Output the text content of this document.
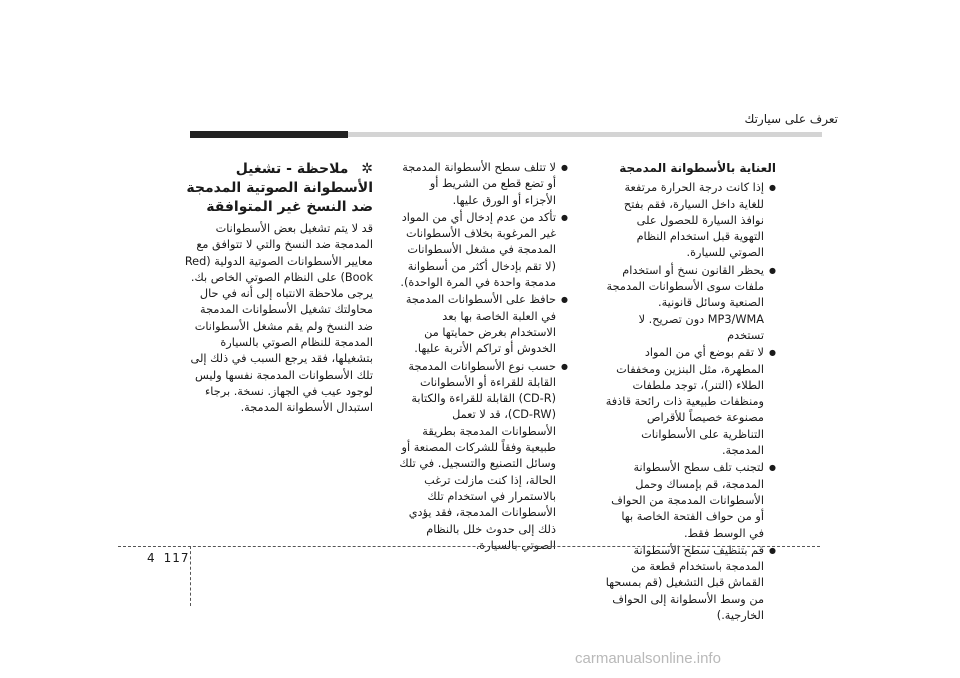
تعرف على سيارتك
العناية بالأسطوانة المدمجة
● إذا كانت درجة الحرارة مرتفعة للغاية داخل السيارة، فقم بفتح نوافذ السيارة للحصول على التهوية قبل استخدام النظام الصوتي للسيارة.
● يحظر القانون نسخ أو استخدام ملفات سوى الأسطوانات المدمجة الصنعية وسائل قانونية. MP3/WMA دون تصريح. لا تستخدم
● لا تقم بوضع أي من المواد المطهرة، مثل البنزين ومخففات الطلاء (التنر)، توجد ملطفات ومنظفات طبيعية ذات رائحة قاذفة مصنوعة خصيصاً للأقراص التناظرية على الأسطوانات المدمجة.
● لتجنب تلف سطح الأسطوانة المدمجة، قم بإمساك وحمل الأسطوانات المدمجة من الحواف أو من حواف الفتحة الخاصة بها في الوسط فقط.
● قم بتنظيف سطح الأسطوانة المدمجة باستخدام قطعة من القماش قبل التشغيل (قم بمسحها من وسط الأسطوانة إلى الحواف الخارجية.)
● لا تتلف سطح الأسطوانة المدمجة أو تضع قطع من الشريط أو الأجزاء أو الورق عليها.
● تأكد من عدم إدخال أي من المواد غير المرغوبة بخلاف الأسطوانات المدمجة في مشغل الأسطوانات (لا تقم بإدخال أكثر من أسطوانة مدمجة واحدة في المرة الواحدة).
● حافظ على الأسطوانات المدمجة في العلبة الخاصة بها بعد الاستخدام بغرض حمايتها من الخدوش أو تراكم الأتربة عليها.
● حسب نوع الأسطوانات المدمجة القابلة للقراءة أو الأسطوانات (CD-R) القابلة للقراءة والكتابة (CD-RW)، قد لا تعمل الأسطوانات المدمجة بطريقة طبيعية وفقاً للشركات المصنعة أو وسائل التصنيع والتسجيل. في تلك الحالة، إذا كنت مازلت ترغب بالاستمرار في استخدام تلك الأسطوانات المدمجة، فقد يؤدي ذلك إلى حدوث خلل بالنظام الصوتي بالسيارة.
✲ ملاحظة - تشغيل الأسطوانة الصوتية المدمجة ضد النسخ غير المتوافقة
قد لا يتم تشغيل بعض الأسطوانات المدمجة ضد النسخ والتي لا تتوافق مع معايير الأسطوانات الصوتية الدولية (Red Book) على النظام الصوتي الخاص بك. يرجى ملاحظة الانتباه إلى أنه في حال محاولتك تشغيل الأسطوانات المدمجة ضد النسخ ولم يقم مشغل الأسطوانات المدمجة للنظام الصوتي بالسيارة بتشغيلها، فقد يرجع السبب في ذلك إلى تلك الأسطوانات المدمجة نفسها وليس لوجود عيب في الجهاز. نسخة. برجاء استبدال الأسطوانة المدمجة.
4 117
carmanualsonline.info
